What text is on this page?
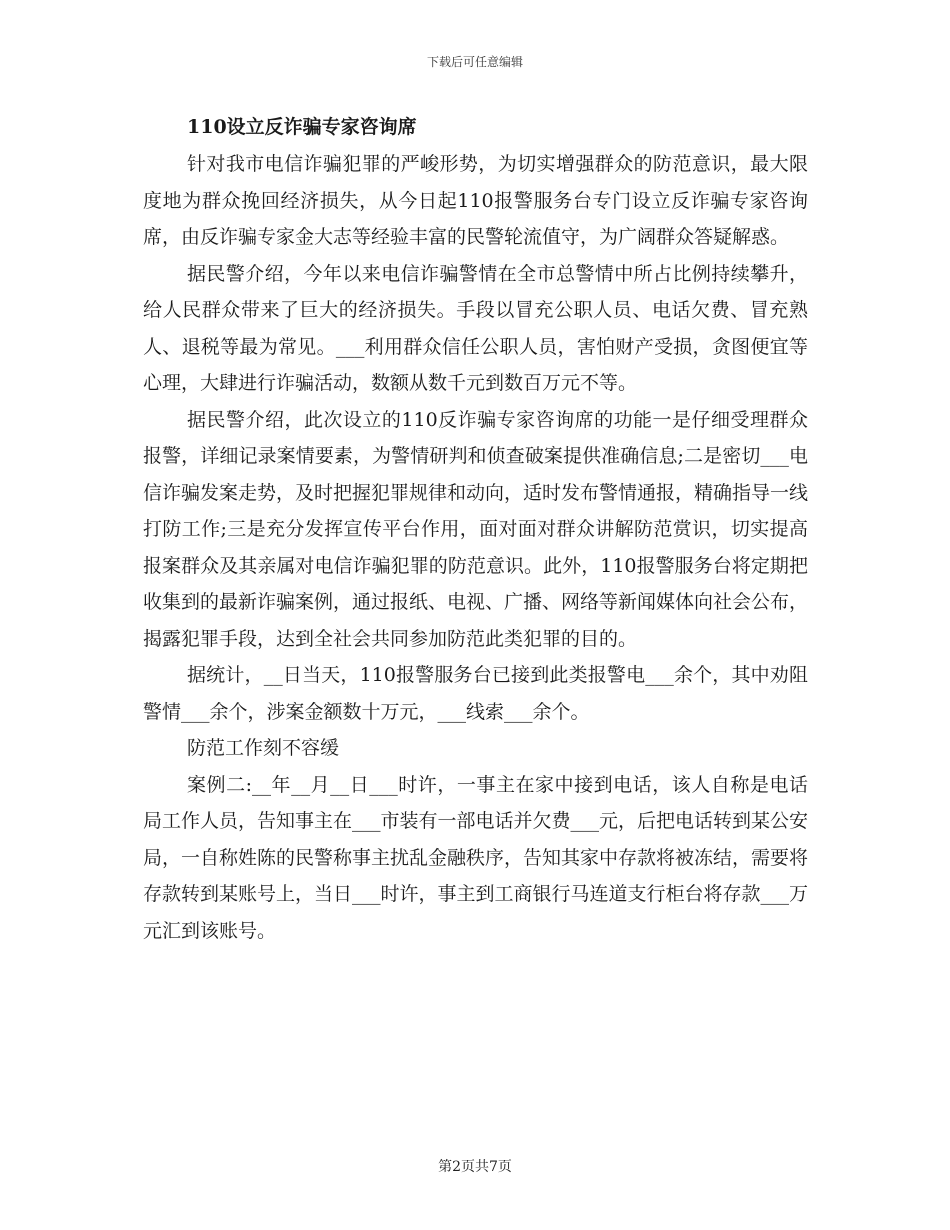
下载后可任意编辑
110设立反诈骗专家咨询席

针对我市电信诈骗犯罪的严峻形势，为切实增强群众的防范意识，最大限度地为群众挽回经济损失，从今日起110报警服务台专门设立反诈骗专家咨询席，由反诈骗专家金大志等经验丰富的民警轮流值守，为广阔群众答疑解惑。

据民警介绍，今年以来电信诈骗警情在全市总警情中所占比例持续攀升，给人民群众带来了巨大的经济损失。手段以冒充公职人员、电话欠费、冒充熟人、退税等最为常见。___利用群众信任公职人员，害怕财产受损，贪图便宜等心理，大肆进行诈骗活动，数额从数千元到数百万元不等。

据民警介绍，此次设立的110反诈骗专家咨询席的功能一是仔细受理群众报警，详细记录案情要素，为警情研判和侦查破案提供准确信息;二是密切___电信诈骗发案走势，及时把握犯罪规律和动向，适时发布警情通报，精确指导一线打防工作;三是充分发挥宣传平台作用，面对面对群众讲解防范赏识，切实提高报案群众及其亲属对电信诈骗犯罪的防范意识。此外，110报警服务台将定期把收集到的最新诈骗案例，通过报纸、电视、广播、网络等新闻媒体向社会公布，揭露犯罪手段，达到全社会共同参加防范此类犯罪的目的。

据统计，__日当天，110报警服务台已接到此类报警电___余个，其中劝阻警情___余个，涉案金额数十万元，___线索___余个。

防范工作刻不容缓

案例二:__年__月__日___时许，一事主在家中接到电话，该人自称是电话局工作人员，告知事主在___市装有一部电话并欠费___元，后把电话转到某公安局，一自称姓陈的民警称事主扰乱金融秩序，告知其家中存款将被冻结，需要将存款转到某账号上，当日___时许，事主到工商银行马连道支行柜台将存款___万元汇到该账号。

第2页共7页
